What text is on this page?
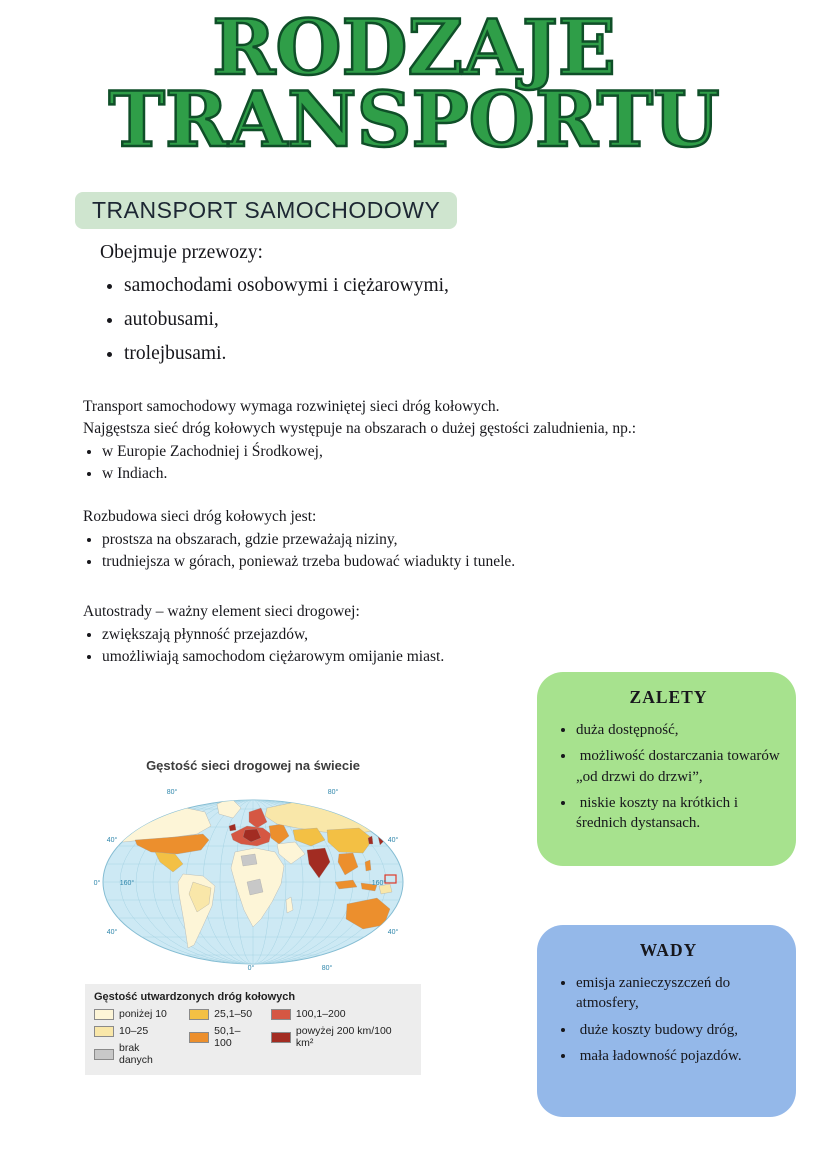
RODZAJE
TRANSPORTU
TRANSPORT SAMOCHODOWY

Obejmuje przewozy:

• samochodami osobowymi i ciężarowymi,
• autobusami,
• trolejbusami.

Transport samochodowy wymaga rozwiniętej sieci dróg kołowych.

Najgęstsza sieć dróg kołowych występuje na obszarach o dużej gęstości zaludnienia, np.:

• w Europie Zachodniej i Środkowej,
• w Indiach.

Rozbudowa sieci dróg kołowych jest:

• prostsza na obszarach, gdzie przeważają niziny,
• trudniejsza w górach, ponieważ trzeba budować wiadukty i tunele.

Autostrady – ważny element sieci drogowej:

• zwiększają płynność przejazdów,
• umożliwiają samochodom ciężarowym omijanie miast.
ZALETY
• duża dostępność,
•  możliwość dostarczania towarów „od drzwi do drzwi”,
•  niskie koszty na krótkich i średnich dystansach.
WADY
• emisja zanieczyszczeń do atmosfery,
•  duże koszty budowy dróg,
•  mała ładowność pojazdów.
Gęstość sieci drogowej na świecie
80°	80°
40°	40°
0°	160°	160°
40°	40°
0°	80°
Gęstość utwardzonych dróg kołowych
poniżej 10
10–25
brak danych
25,1–50
50,1–100
100,1–200
powyżej 200 km/100 km²
